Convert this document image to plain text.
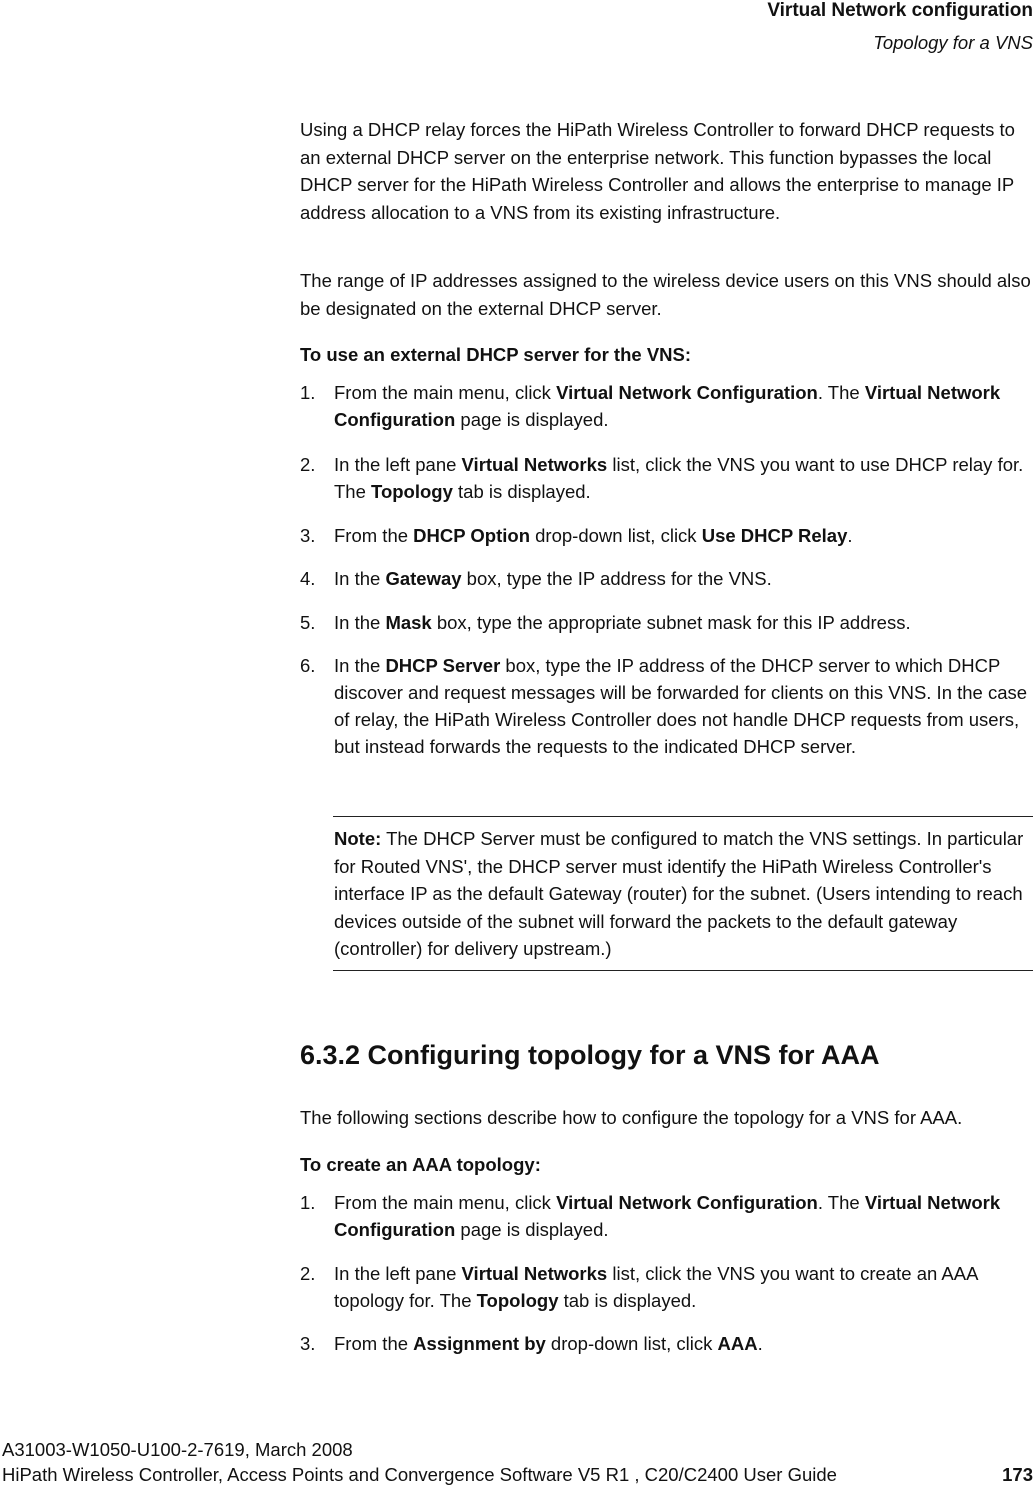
Virtual Network configuration
Topology for a VNS

Using a DHCP relay forces the HiPath Wireless Controller to forward DHCP requests to an external DHCP server on the enterprise network. This function bypasses the local DHCP server for the HiPath Wireless Controller and allows the enterprise to manage IP address allocation to a VNS from its existing infrastructure.

The range of IP addresses assigned to the wireless device users on this VNS should also be designated on the external DHCP server.

To use an external DHCP server for the VNS:
1.	From the main menu, click Virtual Network Configuration. The Virtual Network Configuration page is displayed.
2.	In the left pane Virtual Networks list, click the VNS you want to use DHCP relay for. The Topology tab is displayed.
3.	From the DHCP Option drop-down list, click Use DHCP Relay.
4.	In the Gateway box, type the IP address for the VNS.
5.	In the Mask box, type the appropriate subnet mask for this IP address.
6.	In the DHCP Server box, type the IP address of the DHCP server to which DHCP discover and request messages will be forwarded for clients on this VNS. In the case of relay, the HiPath Wireless Controller does not handle DHCP requests from users, but instead forwards the requests to the indicated DHCP server.
Note: The DHCP Server must be configured to match the VNS settings. In particular for Routed VNS', the DHCP server must identify the HiPath Wireless Controller's interface IP as the default Gateway (router) for the subnet. (Users intending to reach devices outside of the subnet will forward the packets to the default gateway (controller) for delivery upstream.)
6.3.2 Configuring topology for a VNS for AAA

The following sections describe how to configure the topology for a VNS for AAA.

To create an AAA topology:
1.	From the main menu, click Virtual Network Configuration. The Virtual Network Configuration page is displayed.
2.	In the left pane Virtual Networks list, click the VNS you want to create an AAA topology for. The Topology tab is displayed.
3.	From the Assignment by drop-down list, click AAA.
A31003-W1050-U100-2-7619, March 2008
HiPath Wireless Controller, Access Points and Convergence Software V5 R1 , C20/C2400 User Guide	173
